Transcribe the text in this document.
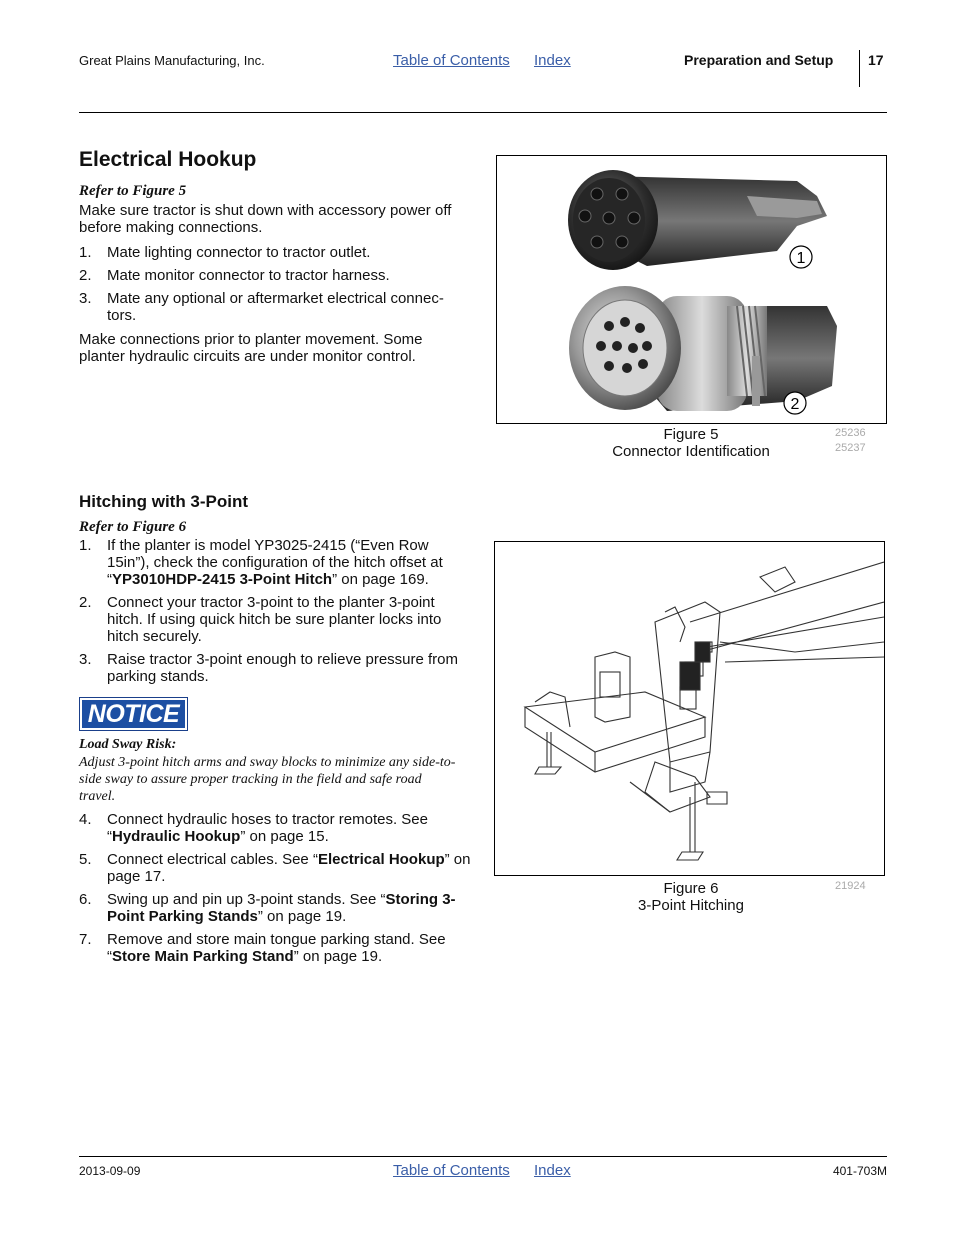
Great Plains Manufacturing, Inc.	Table of Contents Index	Preparation and Setup 17
Electrical Hookup
Refer to Figure 5
Make sure tractor is shut down with accessory power off before making connections.
1. Mate lighting connector to tractor outlet.
2. Mate monitor connector to tractor harness.
3. Mate any optional or aftermarket electrical connec-tors.
Make connections prior to planter movement. Some planter hydraulic circuits are under monitor control.
1
2
Figure 5
Connector Identification
25236
25237
Hitching with 3-Point
Refer to Figure 6
1. If the planter is model YP3025-2415 (“Even Row 15in”), check the configuration of the hitch offset at “YP3010HDP-2415 3-Point Hitch” on page 169.
2. Connect your tractor 3-point to the planter 3-point hitch. If using quick hitch be sure planter locks into hitch securely.
3. Raise tractor 3-point enough to relieve pressure from parking stands.
NOTICE
Load Sway Risk:
Adjust 3-point hitch arms and sway blocks to minimize any side-to-side sway to assure proper tracking in the field and safe road travel.
4. Connect hydraulic hoses to tractor remotes. See “Hydraulic Hookup” on page 15.
5. Connect electrical cables. See “Electrical Hookup” on page 17.
6. Swing up and pin up 3-point stands. See “Storing 3-Point Parking Stands” on page 19.
7. Remove and store main tongue parking stand. See “Store Main Parking Stand” on page 19.
Figure 6
3-Point Hitching
21924
2013-09-09	Table of Contents Index	401-703M
